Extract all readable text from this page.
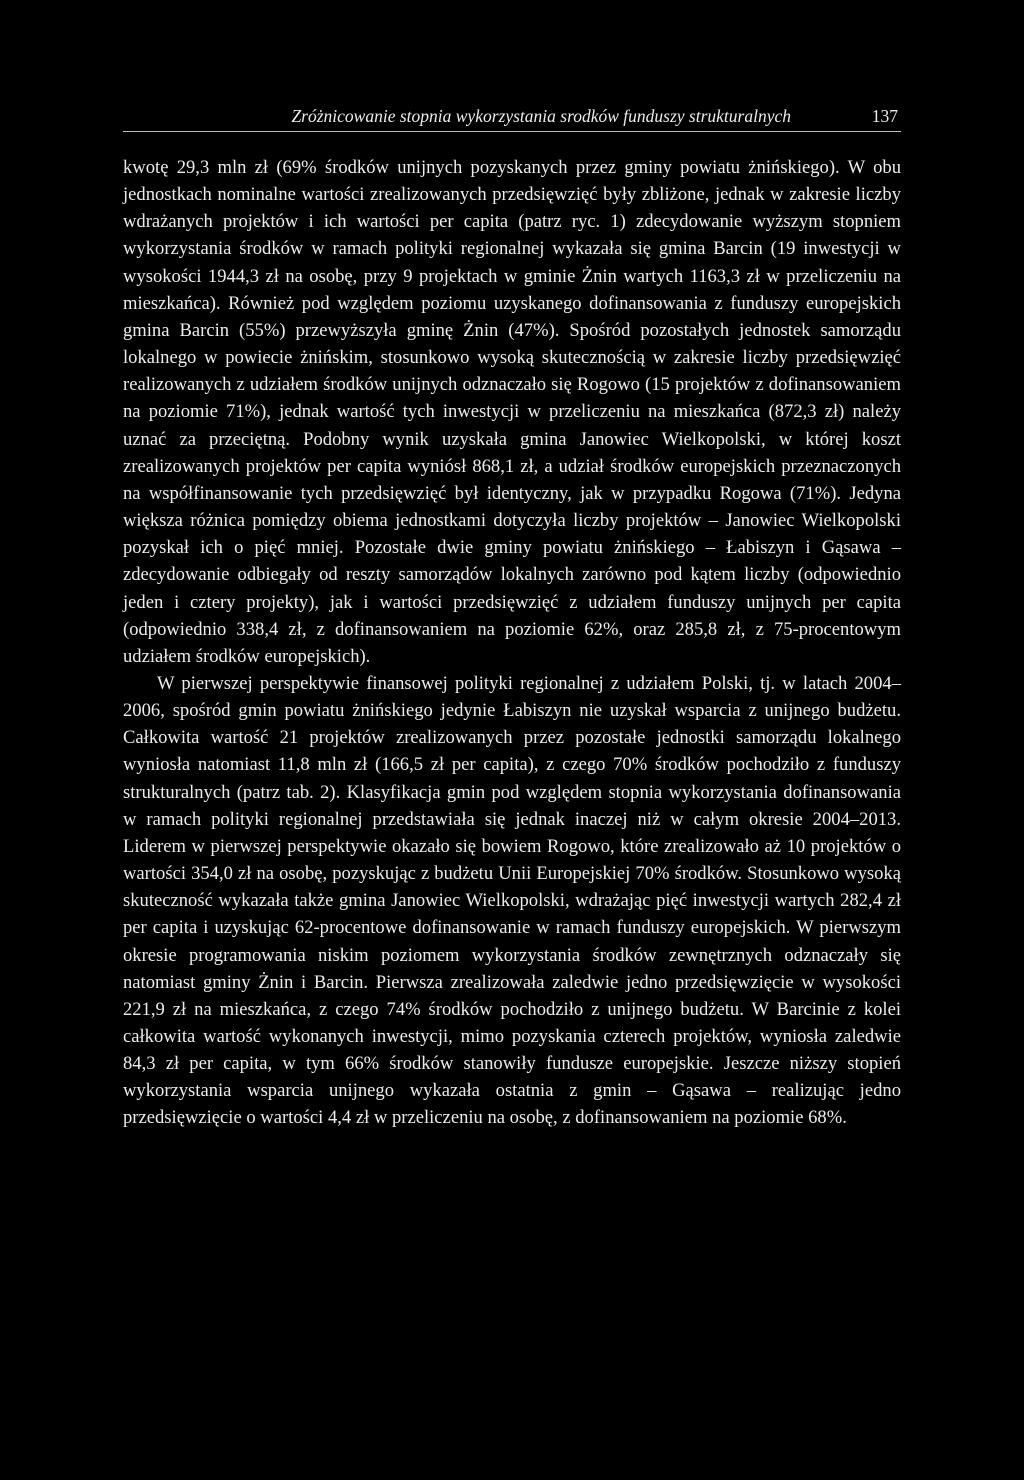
Zróżnicowanie stopnia wykorzystania srodków funduszy strukturalnych	137

kwotę 29,3 mln zł (69% środków unijnych pozyskanych przez gminy powiatu żnińskiego). W obu jednostkach nominalne wartości zrealizowanych przedsięwzięć były zbliżone, jednak w zakresie liczby wdrażanych projektów i ich wartości per capita (patrz ryc. 1) zdecydowanie wyższym stopniem wykorzystania środków w ramach polityki regionalnej wykazała się gmina Barcin (19 inwestycji w wysokości 1944,3 zł na osobę, przy 9 projektach w gminie Żnin wartych 1163,3 zł w przeliczeniu na mieszkańca). Również pod względem poziomu uzyskanego dofinansowania z funduszy europejskich gmina Barcin (55%) przewyższyła gminę Żnin (47%). Spośród pozostałych jednostek samorządu lokalnego w powiecie żnińskim, stosunkowo wysoką skutecznością w zakresie liczby przedsięwzięć realizowanych z udziałem środków unijnych odznaczało się Rogowo (15 projektów z dofinansowaniem na poziomie 71%), jednak wartość tych inwestycji w przeliczeniu na mieszkańca (872,3 zł) należy uznać za przeciętną. Podobny wynik uzyskała gmina Janowiec Wielkopolski, w której koszt zrealizowanych projektów per capita wyniósł 868,1 zł, a udział środków europejskich przeznaczonych na współfinansowanie tych przedsięwzięć był identyczny, jak w przypadku Rogowa (71%). Jedyna większa różnica pomiędzy obiema jednostkami dotyczyła liczby projektów – Janowiec Wielkopolski pozyskał ich o pięć mniej. Pozostałe dwie gminy powiatu żnińskiego – Łabiszyn i Gąsawa – zdecydowanie odbiegały od reszty samorządów lokalnych zarówno pod kątem liczby (odpowiednio jeden i cztery projekty), jak i wartości przedsięwzięć z udziałem funduszy unijnych per capita (odpowiednio 338,4 zł, z dofinansowaniem na poziomie 62%, oraz 285,8 zł, z 75-procentowym udziałem środków europejskich).

W pierwszej perspektywie finansowej polityki regionalnej z udziałem Polski, tj. w latach 2004–2006, spośród gmin powiatu żnińskiego jedynie Łabiszyn nie uzyskał wsparcia z unijnego budżetu. Całkowita wartość 21 projektów zrealizowanych przez pozostałe jednostki samorządu lokalnego wyniosła natomiast 11,8 mln zł (166,5 zł per capita), z czego 70% środków pochodziło z funduszy strukturalnych (patrz tab. 2). Klasyfikacja gmin pod względem stopnia wykorzystania dofinansowania w ramach polityki regionalnej przedstawiała się jednak inaczej niż w całym okresie 2004–2013. Liderem w pierwszej perspektywie okazało się bowiem Rogowo, które zrealizowało aż 10 projektów o wartości 354,0 zł na osobę, pozyskując z budżetu Unii Europejskiej 70% środków. Stosunkowo wysoką skuteczność wykazała także gmina Janowiec Wielkopolski, wdrażając pięć inwestycji wartych 282,4 zł per capita i uzyskując 62-procentowe dofinansowanie w ramach funduszy europejskich. W pierwszym okresie programowania niskim poziomem wykorzystania środków zewnętrznych odznaczały się natomiast gminy Żnin i Barcin. Pierwsza zrealizowała zaledwie jedno przedsięwzięcie w wysokości 221,9 zł na mieszkańca, z czego 74% środków pochodziło z unijnego budżetu. W Barcinie z kolei całkowita wartość wykonanych inwestycji, mimo pozyskania czterech projektów, wyniosła zaledwie 84,3 zł per capita, w tym 66% środków stanowiły fundusze europejskie. Jeszcze niższy stopień wykorzystania wsparcia unijnego wykazała ostatnia z gmin – Gąsawa – realizując jedno przedsięwzięcie o wartości 4,4 zł w przeliczeniu na osobę, z dofinansowaniem na poziomie 68%.
